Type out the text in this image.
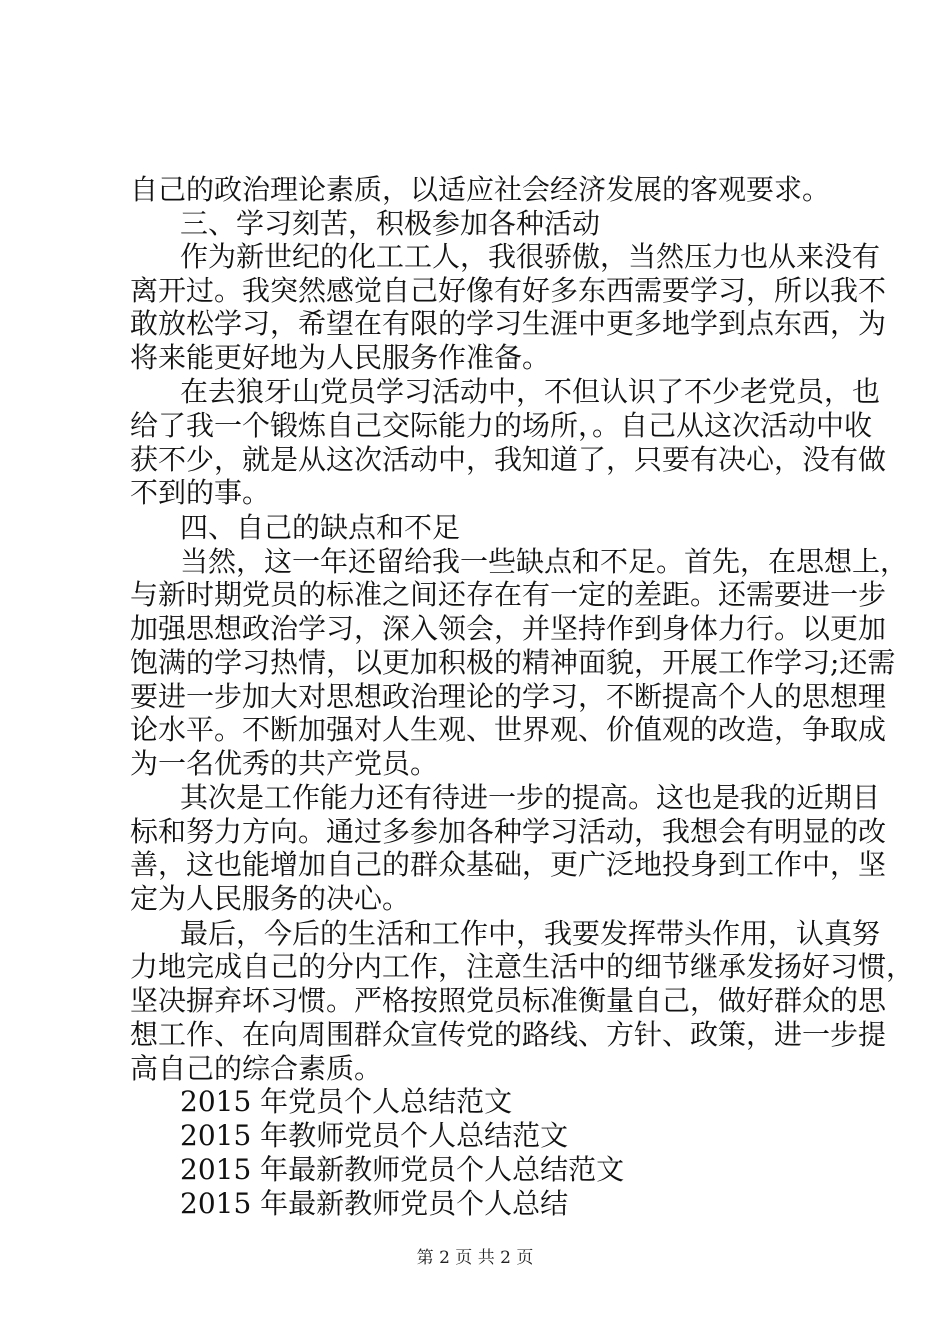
自己的政治理论素质，以适应社会经济发展的客观要求。
三、学习刻苦，积极参加各种活动
作为新世纪的化工工人，我很骄傲，当然压力也从来没有
离开过。我突然感觉自己好像有好多东西需要学习，所以我不
敢放松学习，希望在有限的学习生涯中更多地学到点东西，为
将来能更好地为人民服务作准备。
在去狼牙山党员学习活动中，不但认识了不少老党员，也
给了我一个锻炼自己交际能力的场所，。自己从这次活动中收
获不少，就是从这次活动中，我知道了，只要有决心，没有做
不到的事。
四、自己的缺点和不足
当然，这一年还留给我一些缺点和不足。首先，在思想上，
与新时期党员的标准之间还存在有一定的差距。还需要进一步
加强思想政治学习，深入领会，并坚持作到身体力行。以更加
饱满的学习热情，以更加积极的精神面貌，开展工作学习;还需
要进一步加大对思想政治理论的学习，不断提高个人的思想理
论水平。不断加强对人生观、世界观、价值观的改造，争取成
为一名优秀的共产党员。
其次是工作能力还有待进一步的提高。这也是我的近期目
标和努力方向。通过多参加各种学习活动，我想会有明显的改
善，这也能增加自己的群众基础，更广泛地投身到工作中，坚
定为人民服务的决心。
最后，今后的生活和工作中，我要发挥带头作用，认真努
力地完成自己的分内工作，注意生活中的细节继承发扬好习惯，
坚决摒弃坏习惯。严格按照党员标准衡量自己，做好群众的思
想工作、在向周围群众宣传党的路线、方针、政策，进一步提
高自己的综合素质。
2015 年党员个人总结范文
2015 年教师党员个人总结范文
2015 年最新教师党员个人总结范文
2015 年最新教师党员个人总结
第 2 页 共 2 页
